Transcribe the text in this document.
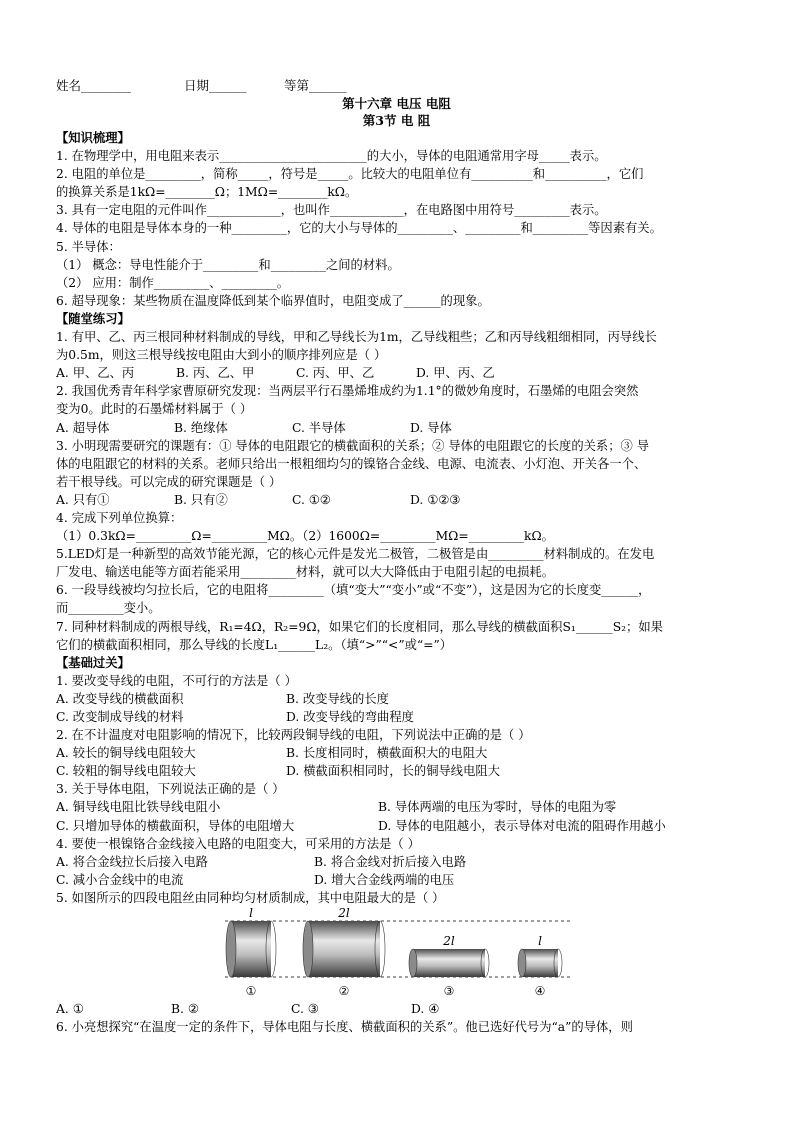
姓名________	日期______	等第______
第十六章 电压 电阻
第3节 电 阻
【知识梳理】
1. 在物理学中，用电阻来表示________________________的大小，导体的电阻通常用字母_____表示。
2. 电阻的单位是_________，简称_____，符号是_____。比较大的电阻单位有__________和__________，它们
的换算关系是1kΩ=________Ω；1MΩ=________kΩ。
3. 具有一定电阻的元件叫作____________，也叫作____________，在电路图中用符号_________表示。
4. 导体的电阻是导体本身的一种_________，它的大小与导体的_________、_________和_________等因素有关。
5. 半导体：
（1） 概念：导电性能介于_________和_________之间的材料。
（2） 应用：制作_________、_________。
6. 超导现象：某些物质在温度降低到某个临界值时，电阻变成了______的现象。
【随堂练习】
1. 有甲、乙、丙三根同种材料制成的导线，甲和乙导线长为1m，乙导线粗些；乙和丙导线粗细相同，丙导线长
为0.5m，则这三根导线按电阻由大到小的顺序排列应是（ ）
A. 甲、乙、丙	B. 丙、乙、甲	C. 丙、甲、乙	D. 甲、丙、乙
2. 我国优秀青年科学家曹原研究发现：当两层平行石墨烯堆成约为1.1°的微妙角度时，石墨烯的电阻会突然
变为0。此时的石墨烯材料属于（ ）
A. 超导体	B. 绝缘体	C. 半导体	D. 导体
3. 小明现需要研究的课题有：① 导体的电阻跟它的横截面积的关系；② 导体的电阻跟它的长度的关系；③ 导
体的电阻跟它的材料的关系。老师只给出一根粗细均匀的镍铬合金线、电源、电流表、小灯泡、开关各一个、
若干根导线。可以完成的研究课题是（ ）
A. 只有①	B. 只有②	C. ①②	D. ①②③
4. 完成下列单位换算：
（1）0.3kΩ=_________Ω=_________MΩ。（2）1600Ω=_________MΩ=_________kΩ。
5.LED灯是一种新型的高效节能光源，它的核心元件是发光二极管，二极管是由_________材料制成的。在发电
厂发电、输送电能等方面若能采用_________材料，就可以大大降低由于电阻引起的电损耗。
6. 一段导线被均匀拉长后，它的电阻将_________（填“变大”“变小”或“不变”），这是因为它的长度变______，
而_________变小。
7. 同种材料制成的两根导线，R₁=4Ω，R₂=9Ω，如果它们的长度相同，那么导线的横截面积S₁______S₂；如果
它们的横截面积相同，那么导线的长度L₁______L₂。（填“>”“<”或“=”）
【基础过关】
1. 要改变导线的电阻，不可行的方法是（ ）
A. 改变导线的横截面积	B. 改变导线的长度
C. 改变制成导线的材料	D. 改变导线的弯曲程度
2. 在不计温度对电阻影响的情况下，比较两段铜导线的电阻，下列说法中正确的是（ ）
A. 较长的铜导线电阻较大	B. 长度相同时，横截面积大的电阻大
C. 较粗的铜导线电阻较大	D. 横截面积相同时，长的铜导线电阻大
3. 关于导体电阻，下列说法正确的是（ ）
A. 铜导线电阻比铁导线电阻小	B. 导体两端的电压为零时，导体的电阻为零
C. 只增加导体的横截面积，导体的电阻增大	D. 导体的电阻越小，表示导体对电流的阻碍作用越小
4. 要使一根镍铬合金线接入电路的电阻变大，可采用的方法是（ ）
A. 将合金线拉长后接入电路	B. 将合金线对折后接入电路
C. 减小合金线中的电流	D. 增大合金线两端的电压
5. 如图所示的四段电阻丝由同种均匀材质制成，其中电阻最大的是（ ）
l	2l
2l	l
①	②	③	④
A. ①	B. ②	C. ③	D. ④
6. 小亮想探究“在温度一定的条件下，导体电阻与长度、横截面积的关系”。他已选好代号为“a”的导体，则
